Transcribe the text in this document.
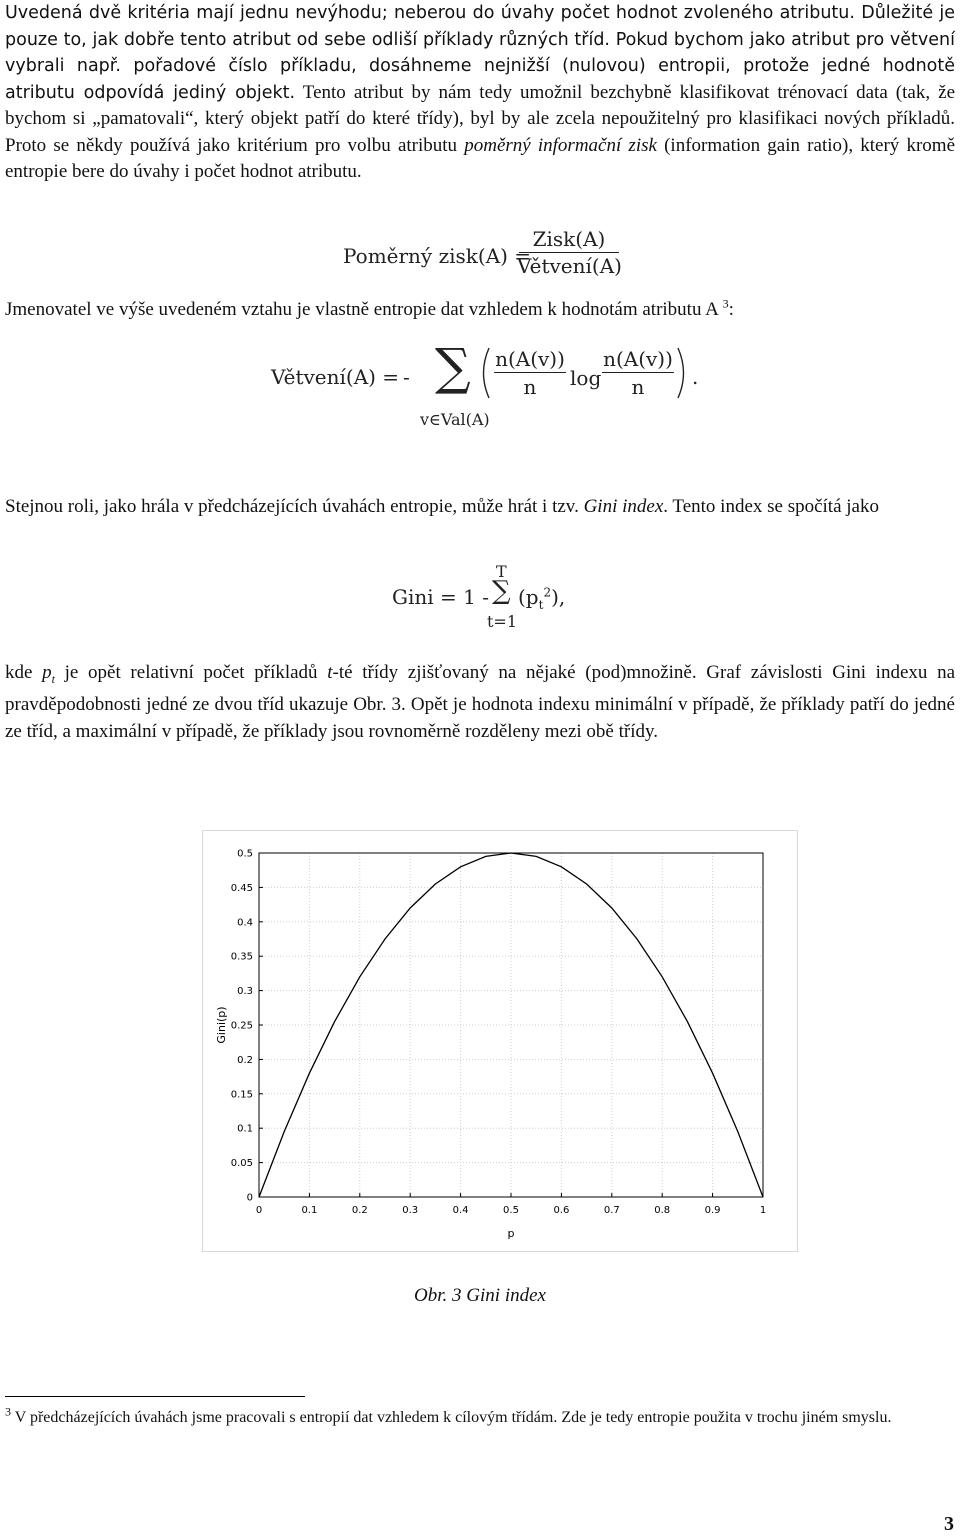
Uvedená dvě kritéria mají jednu nevýhodu; neberou do úvahy počet hodnot zvoleného atributu. Důležité je pouze to, jak dobře tento atribut od sebe odliší příklady různých tříd. Pokud bychom jako atribut pro větvení vybrali např. pořadové číslo příkladu, dosáhneme nejnižší (nulovou) entropii, protože jedné hodnotě atributu odpovídá jediný objekt. Tento atribut by nám tedy umožnil bezchybně klasifikovat trénovací data (tak, že bychom si „pamatovali“, který objekt patří do které třídy), byl by ale zcela nepoužitelný pro klasifikaci nových příkladů. Proto se někdy používá jako kritérium pro volbu atributu poměrný informační zisk (information gain ratio), který kromě entropie bere do úvahy i počet hodnot atributu.

Poměrný zisk(A) =
Zisk(A)
Větvení(A)

Jmenovatel ve výše uvedeném vztahu je vlastně entropie dat vzhledem k hodnotám atributu A $^3$:

Větvení(A) = - ∑
v∈Val(A)
n(A(v))
n	log
n(A(v))
n	.

Stejnou roli, jako hrála v předcházejících úvahách entropie, může hrát i tzv. Gini index. Tento index se spočítá jako

Gini = 1 -
T
∑
t=1
$(p_t^2)$,

kde $p_t$ je opět relativní počet příkladů t-té třídy zjišťovaný na nějaké (pod)množině. Graf závislosti Gini indexu na pravděpodobnosti jedné ze dvou tříd ukazuje Obr. 3. Opět je hodnota indexu minimální v případě, že příklady patří do jedné ze tříd, a maximální v případě, že příklady jsou rovnoměrně rozděleny mezi obě třídy.

0	0.1	0.2	0.3	0.4	0.5	0.6	0.7	0.8	0.9	1
0
0.05
0.1
0.15
0.2
0.25
0.3
0.35
0.4
0.45
0.5
p
Gini(p)
Obr. 3 Gini index
$^3$ V předcházejících úvahách jsme pracovali s entropií dat vzhledem k cílovým třídám. Zde je tedy entropie použita v trochu jiném smyslu.
3
